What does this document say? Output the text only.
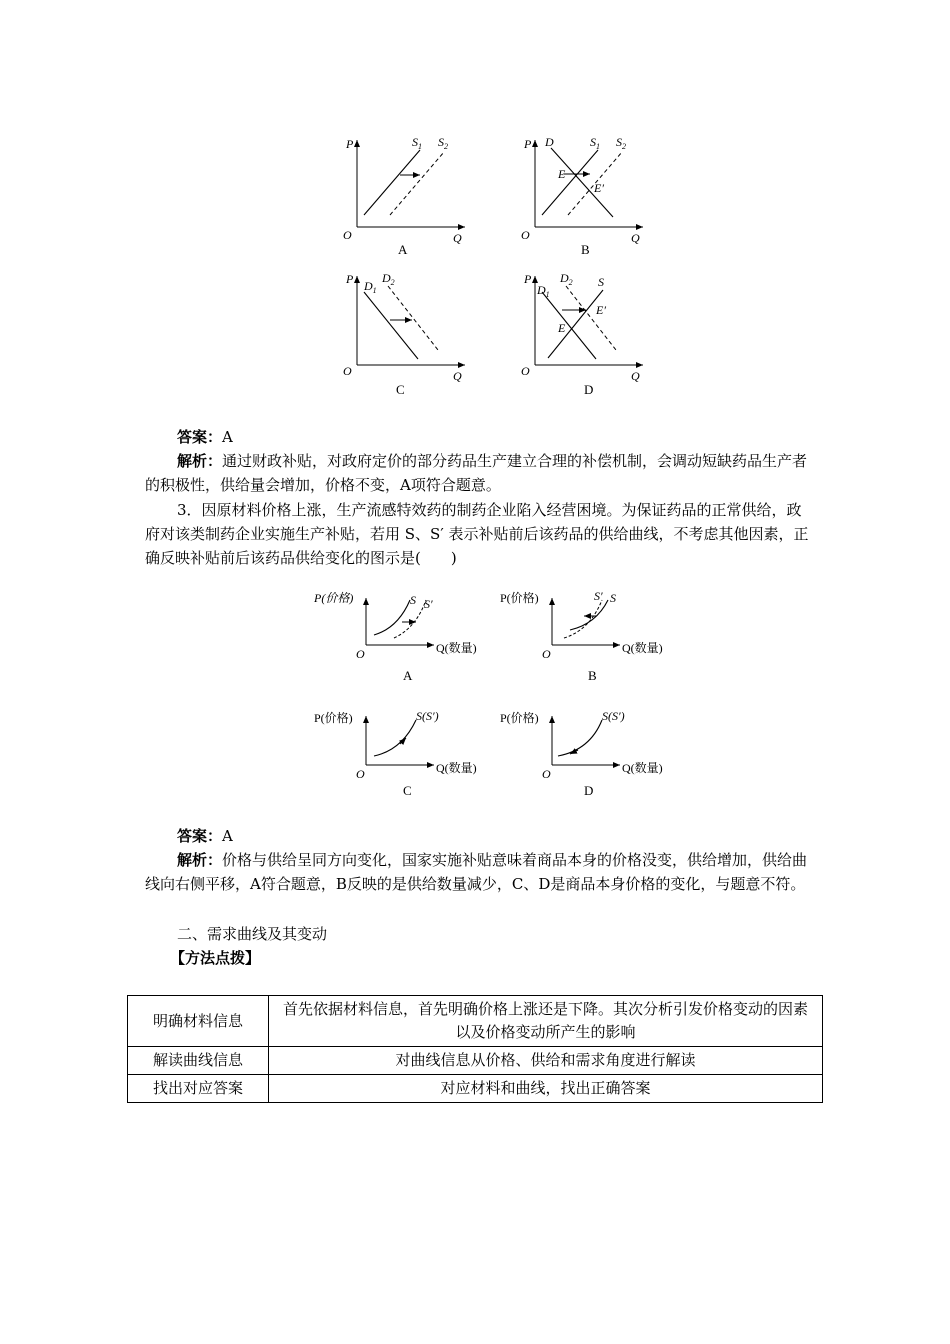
P
Q
O
$S_1$ $S_2$
A
P
Q
O
D	$S_1$ $S_2$
E
E′
B
P
Q
O
$D_1$
$D_2$
C
P
Q
O
$D_1$
$D_2$ S
E
E′
D
答案：A
解析：通过财政补贴，对政府定价的部分药品生产建立合理的补偿机制，会调动短缺药品生产者的积极性，供给量会增加，价格不变，A项符合题意。
3．因原材料价格上涨，生产流感特效药的制药企业陷入经营困境。为保证药品的正常供给，政府对该类制药企业实施生产补贴，若用 S、S′ 表示补贴前后该药品的供给曲线，不考虑其他因素，正确反映补贴前后该药品供给变化的图示是(　　)
P(价格)
Q(数量)
O
S S′
A
P(价格)
Q(数量)
O
S′ S
B
P(价格)
Q(数量)
O
S(S′)
C
P(价格)
Q(数量)
O
S(S′)
D
答案：A
解析：价格与供给呈同方向变化，国家实施补贴意味着商品本身的价格没变，供给增加，供给曲线向右侧平移，A符合题意，B反映的是供给数量减少，C、D是商品本身价格的变化，与题意不符。
二、需求曲线及其变动
【方法点拨】
明确材料信息	首先依据材料信息，首先明确价格上涨还是下降。其次分析引发价格变动的因素以及价格变动所产生的影响
解读曲线信息	对曲线信息从价格、供给和需求角度进行解读
找出对应答案	对应材料和曲线，找出正确答案
